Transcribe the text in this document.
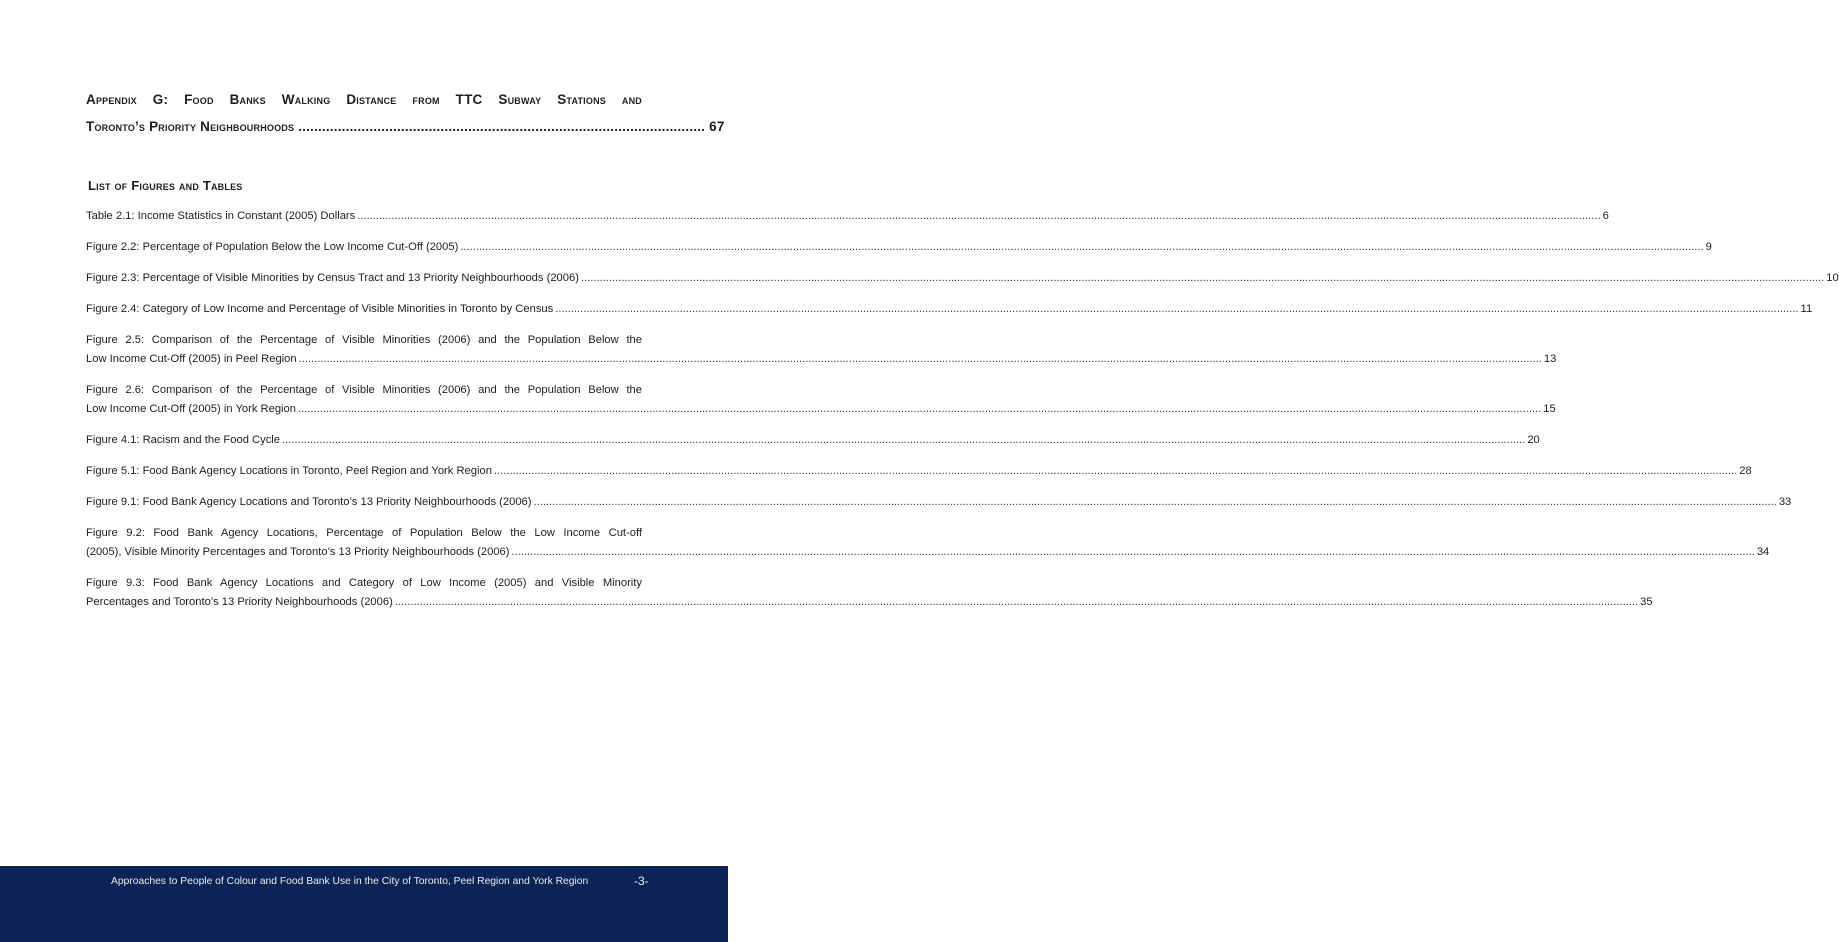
Appendix G: Food Banks Walking Distance from TTC Subway Stations and
Toronto’s Priority Neighbourhoods ....................................................................................................... 67
List of Figures and Tables
Table 2.1: Income Statistics in Constant (2005) Dollars ................................................................................................................................................................................................................................................................................................................................................................................................................ 6
Figure 2.2: Percentage of Population Below the Low Income Cut-Off (2005) ................................................................................................................................................................................................................................................................................................................................................................................................................ 9
Figure 2.3: Percentage of Visible Minorities by Census Tract and 13 Priority Neighbourhoods (2006) ................................................................................................................................................................................................................................................................................................................................................................................................................ 10
Figure 2.4: Category of Low Income and Percentage of Visible Minorities in Toronto by Census ................................................................................................................................................................................................................................................................................................................................................................................................................ 11
Figure 2.5: Comparison of the Percentage of Visible Minorities (2006) and the Population Below the
Low Income Cut-Off (2005) in Peel Region ................................................................................................................................................................................................................................................................................................................................................................................................................ 13
Figure 2.6: Comparison of the Percentage of Visible Minorities (2006) and the Population Below the
Low Income Cut-Off (2005) in York Region ................................................................................................................................................................................................................................................................................................................................................................................................................ 15
Figure 4.1: Racism and the Food Cycle ................................................................................................................................................................................................................................................................................................................................................................................................................ 20
Figure 5.1: Food Bank Agency Locations in Toronto, Peel Region and York Region ................................................................................................................................................................................................................................................................................................................................................................................................................ 28
Figure 9.1: Food Bank Agency Locations and Toronto’s 13 Priority Neighbourhoods (2006) ................................................................................................................................................................................................................................................................................................................................................................................................................ 33
Figure 9.2: Food Bank Agency Locations, Percentage of Population Below the Low Income Cut-off
(2005), Visible Minority Percentages and Toronto’s 13 Priority Neighbourhoods (2006) ................................................................................................................................................................................................................................................................................................................................................................................................................ 34
Figure 9.3: Food Bank Agency Locations and Category of Low Income (2005) and Visible Minority
Percentages and Toronto’s 13 Priority Neighbourhoods (2006) ................................................................................................................................................................................................................................................................................................................................................................................................................ 35
Approaches to People of Colour and Food Bank Use in the City of Toronto, Peel Region and York Region	-3-
